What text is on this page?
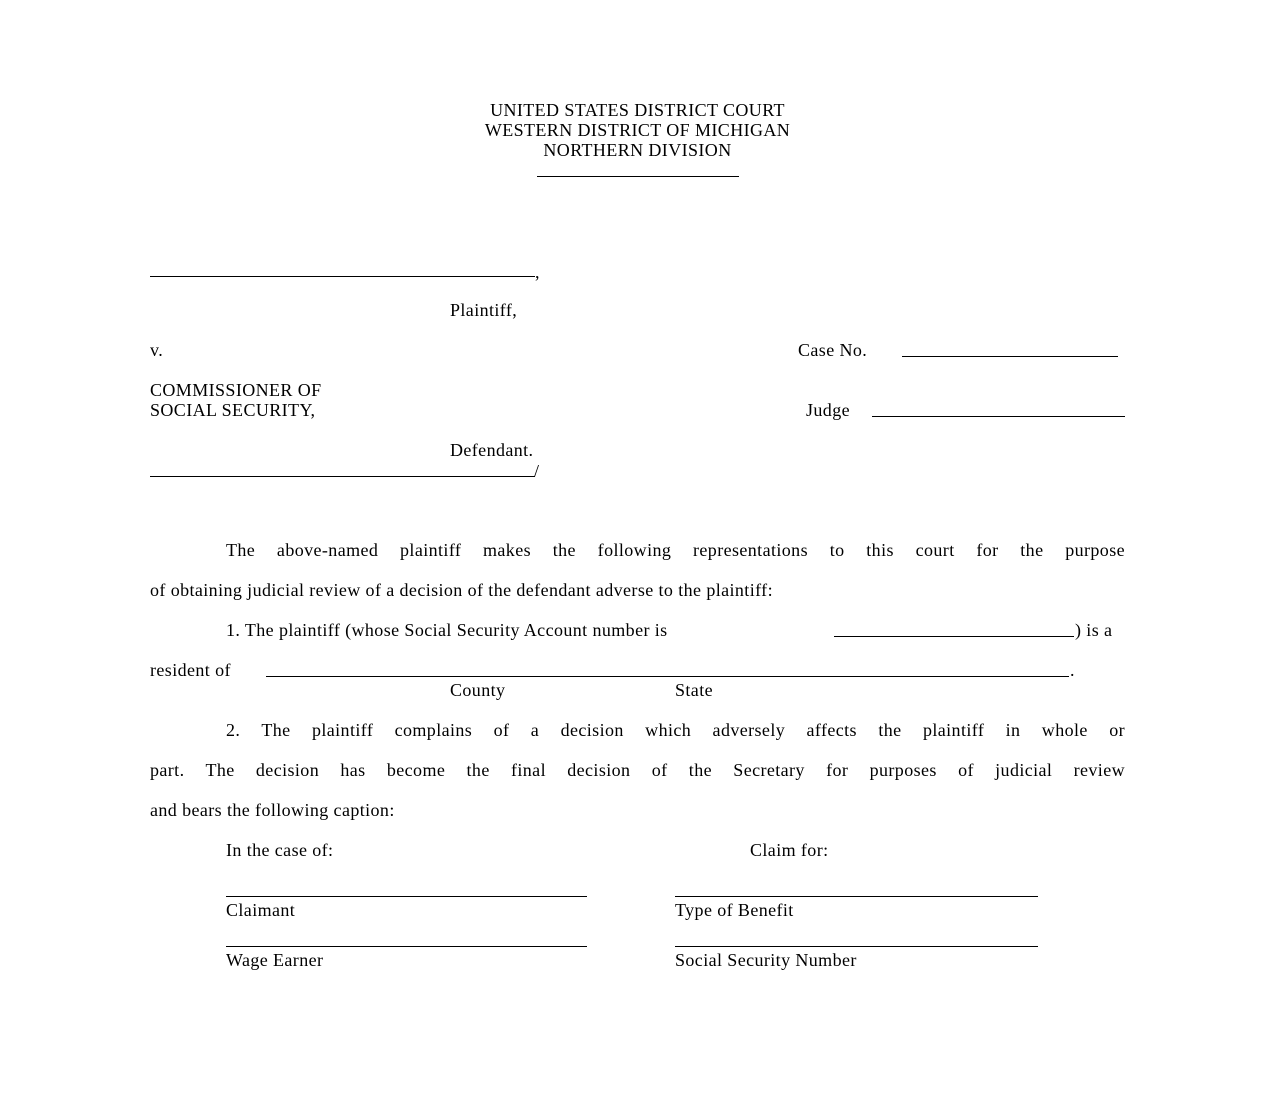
UNITED STATES DISTRICT COURT
WESTERN DISTRICT OF MICHIGAN
NORTHERN DIVISION
,
Plaintiff,
v.	Case No.
COMMISSIONER OF
SOCIAL SECURITY,	Judge
Defendant.
/
The above-named plaintiff makes the following representations to this court for the purpose
of obtaining judicial review of a decision of the defendant adverse to the plaintiff:
1. The plaintiff (whose Social Security Account number is	) is a
resident of	.
County	State
2. The plaintiff complains of a decision which adversely affects the plaintiff in whole or
part. The decision has become the final decision of the Secretary for purposes of judicial review
and bears the following caption:
In the case of:	Claim for:
Claimant	Type of Benefit
Wage Earner	Social Security Number
